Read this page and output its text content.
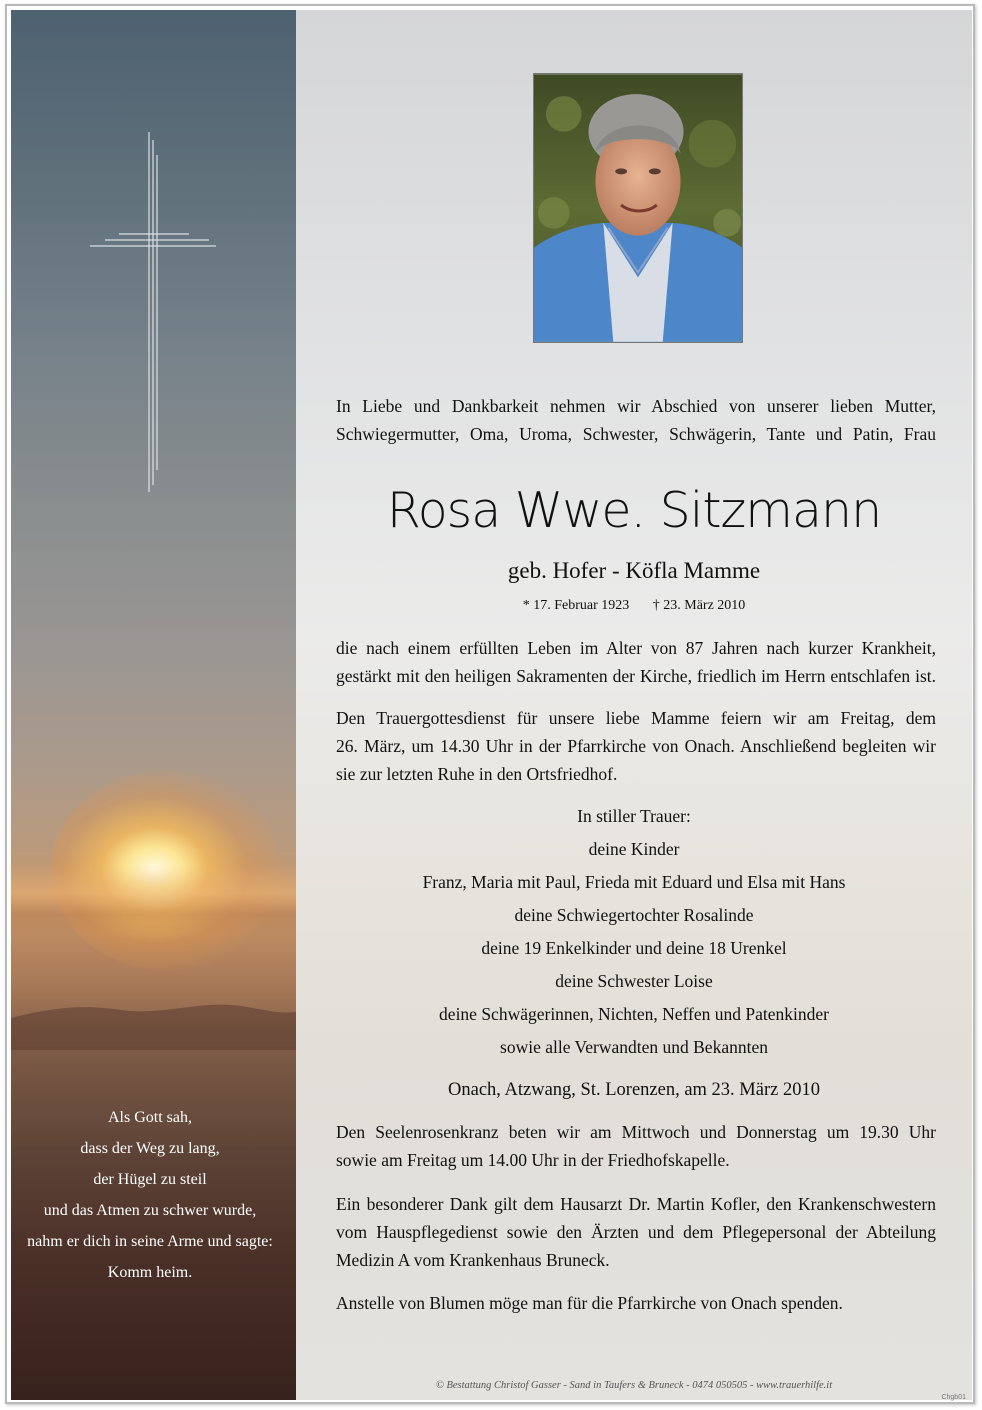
Als Gott sah,
dass der Weg zu lang,
der Hügel zu steil
und das Atmen zu schwer wurde,
nahm er dich in seine Arme und sagte:
Komm heim.
In Liebe und Dankbarkeit nehmen wir Abschied von unserer lieben Mutter,
Schwiegermutter, Oma, Uroma, Schwester, Schwägerin, Tante und Patin, Frau
Rosa Wwe. Sitzmann
geb. Hofer - Köfla Mamme
* 17. Februar 1923 † 23. März 2010
die nach einem erfüllten Leben im Alter von 87 Jahren nach kurzer Krankheit,
gestärkt mit den heiligen Sakramenten der Kirche, friedlich im Herrn entschlafen ist.
Den Trauergottesdienst für unsere liebe Mamme feiern wir am Freitag, dem
26. März, um 14.30 Uhr in der Pfarrkirche von Onach. Anschließend begleiten wir
sie zur letzten Ruhe in den Ortsfriedhof.
In stiller Trauer:
deine Kinder
Franz, Maria mit Paul, Frieda mit Eduard und Elsa mit Hans
deine Schwiegertochter Rosalinde
deine 19 Enkelkinder und deine 18 Urenkel
deine Schwester Loise
deine Schwägerinnen, Nichten, Neffen und Patenkinder
sowie alle Verwandten und Bekannten
Onach, Atzwang, St. Lorenzen, am 23. März 2010
Den Seelenrosenkranz beten wir am Mittwoch und Donnerstag um 19.30 Uhr
sowie am Freitag um 14.00 Uhr in der Friedhofskapelle.
Ein besonderer Dank gilt dem Hausarzt Dr. Martin Kofler, den Krankenschwestern
vom Hauspflegedienst sowie den Ärzten und dem Pflegepersonal der Abteilung
Medizin A vom Krankenhaus Bruneck.
Anstelle von Blumen möge man für die Pfarrkirche von Onach spenden.
© Bestattung Christof Gasser - Sand in Taufers & Bruneck - 0474 050505 - www.trauerhilfe.it
Chgb01
